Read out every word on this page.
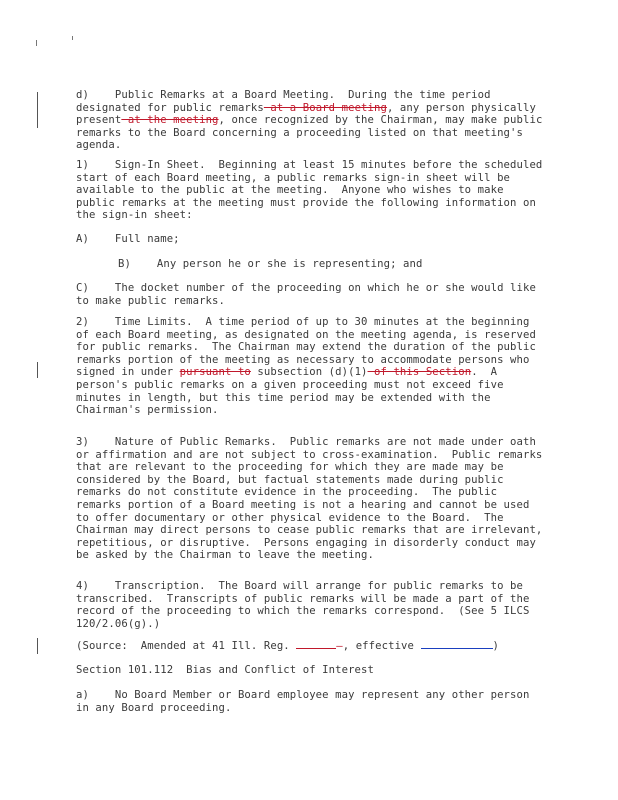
d)    Public Remarks at a Board Meeting.  During the time period designated for public remarks at a Board meeting, any person physically present at the meeting, once recognized by the Chairman, may make public remarks to the Board concerning a proceeding listed on that meeting's agenda.

1)    Sign-In Sheet.  Beginning at least 15 minutes before the scheduled start of each Board meeting, a public remarks sign-in sheet will be available to the public at the meeting.  Anyone who wishes to make public remarks at the meeting must provide the following information on the sign-in sheet:

A)    Full name;

B)    Any person he or she is representing; and

C)    The docket number of the proceeding on which he or she would like to make public remarks.

2)    Time Limits.  A time period of up to 30 minutes at the beginning of each Board meeting, as designated on the meeting agenda, is reserved for public remarks.  The Chairman may extend the duration of the public remarks portion of the meeting as necessary to accommodate persons who signed in under pursuant to subsection (d)(1) of this Section.  A person's public remarks on a given proceeding must not exceed five minutes in length, but this time period may be extended with the Chairman's permission.

3)    Nature of Public Remarks.  Public remarks are not made under oath or affirmation and are not subject to cross-examination.  Public remarks that are relevant to the proceeding for which they are made may be considered by the Board, but factual statements made during public remarks do not constitute evidence in the proceeding.  The public remarks portion of a Board meeting is not a hearing and cannot be used to offer documentary or other physical evidence to the Board.  The Chairman may direct persons to cease public remarks that are irrelevant, repetitious, or disruptive.  Persons engaging in disorderly conduct may be asked by the Chairman to leave the meeting.

4)    Transcription.  The Board will arrange for public remarks to be transcribed.  Transcripts of public remarks will be made a part of the record of the proceeding to which the remarks correspond.  (See 5 ILCS 120/2.06(g).)

(Source:  Amended at 41 Ill. Reg.	—, effective	)

Section 101.112  Bias and Conflict of Interest

a)    No Board Member or Board employee may represent any other person in any Board proceeding.
